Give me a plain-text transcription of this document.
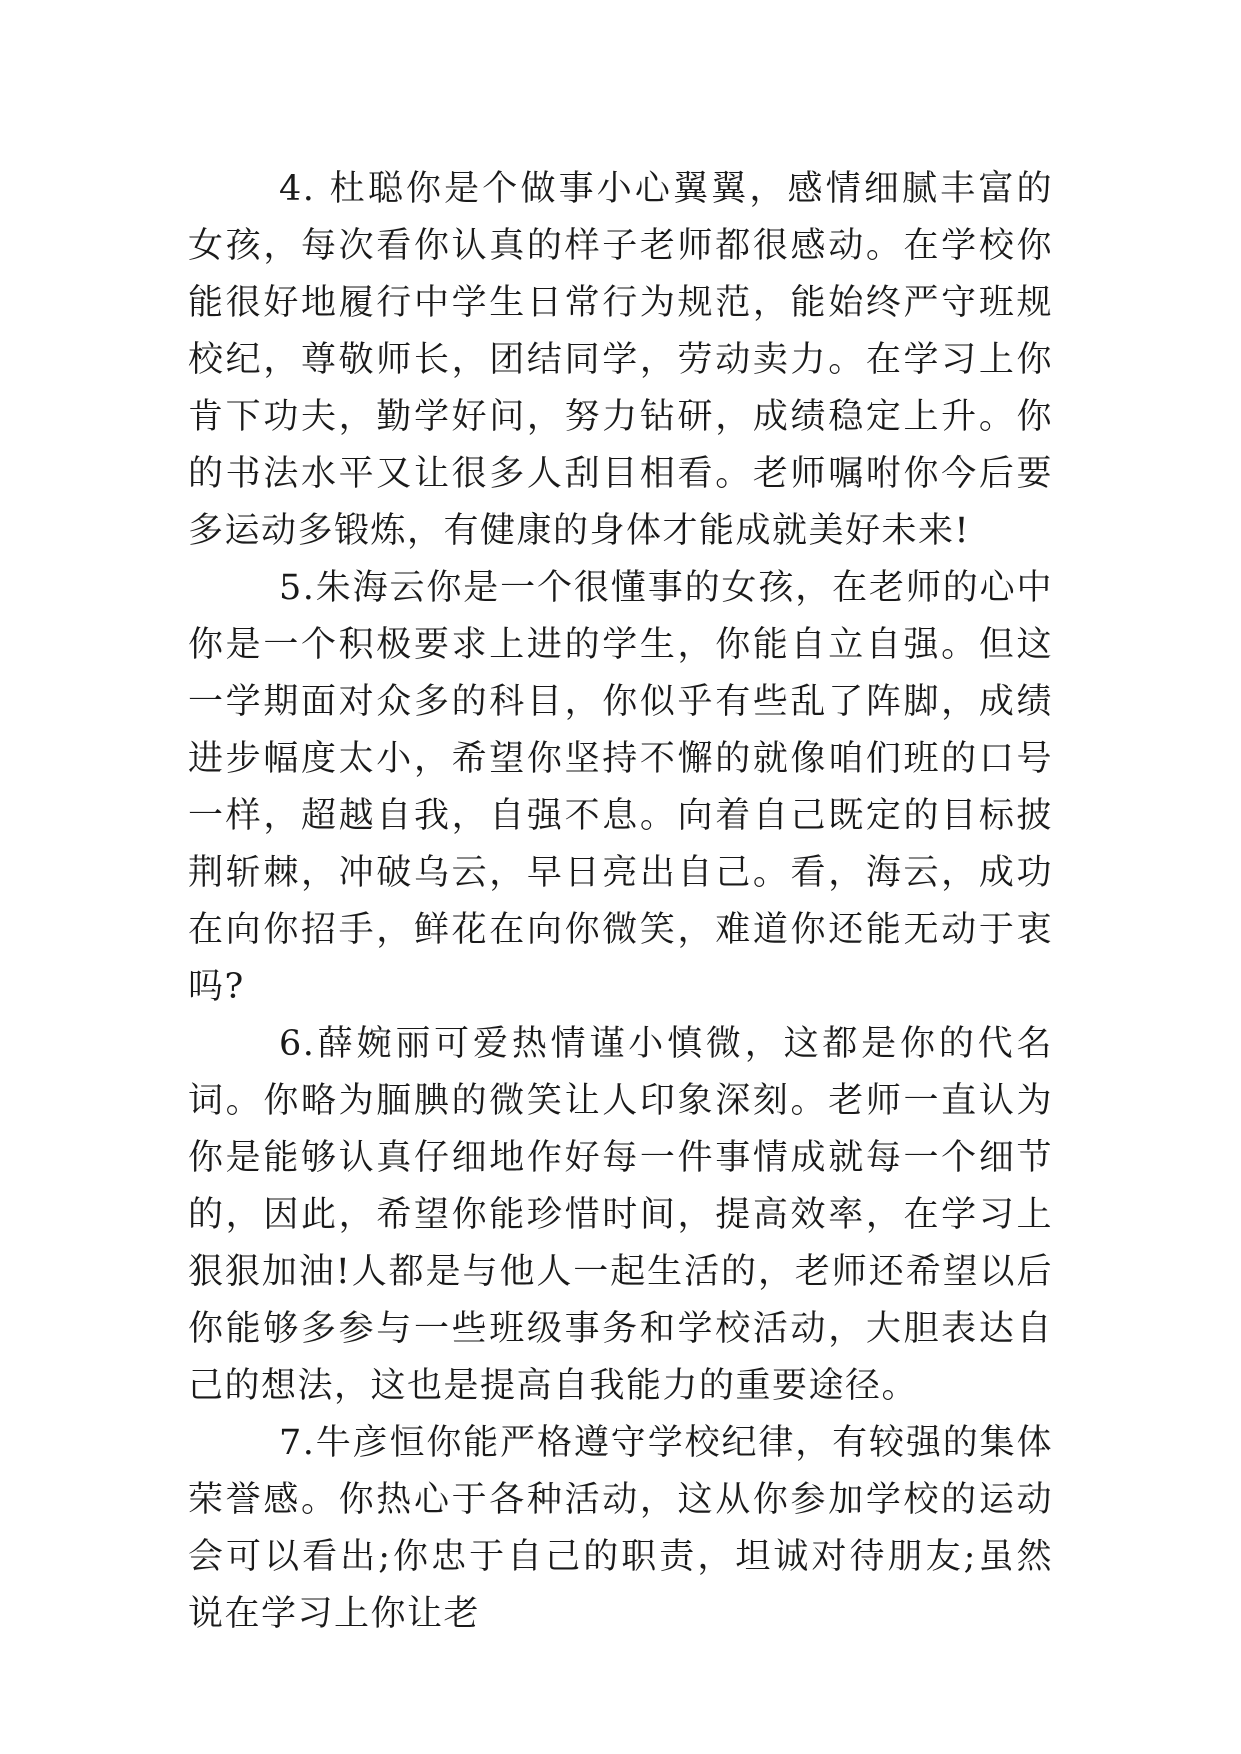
4. 杜聪你是个做事小心翼翼，感情细腻丰富的女孩，每次看你认真的样子老师都很感动。在学校你能很好地履行中学生日常行为规范，能始终严守班规校纪，尊敬师长，团结同学，劳动卖力。在学习上你肯下功夫，勤学好问，努力钻研，成绩稳定上升。你的书法水平又让很多人刮目相看。老师嘱咐你今后要多运动多锻炼，有健康的身体才能成就美好未来!

5.朱海云你是一个很懂事的女孩，在老师的心中你是一个积极要求上进的学生，你能自立自强。但这一学期面对众多的科目，你似乎有些乱了阵脚，成绩进步幅度太小，希望你坚持不懈的就像咱们班的口号一样，超越自我，自强不息。向着自己既定的目标披荆斩棘，冲破乌云，早日亮出自己。看，海云，成功在向你招手，鲜花在向你微笑，难道你还能无动于衷吗?

6.薛婉丽可爱热情谨小慎微，这都是你的代名词。你略为腼腆的微笑让人印象深刻。老师一直认为你是能够认真仔细地作好每一件事情成就每一个细节的，因此，希望你能珍惜时间，提高效率，在学习上狠狠加油!人都是与他人一起生活的，老师还希望以后你能够多参与一些班级事务和学校活动，大胆表达自己的想法，这也是提高自我能力的重要途径。

7.牛彦恒你能严格遵守学校纪律，有较强的集体荣誉感。你热心于各种活动，这从你参加学校的运动会可以看出;你忠于自己的职责，坦诚对待朋友;虽然说在学习上你让老
